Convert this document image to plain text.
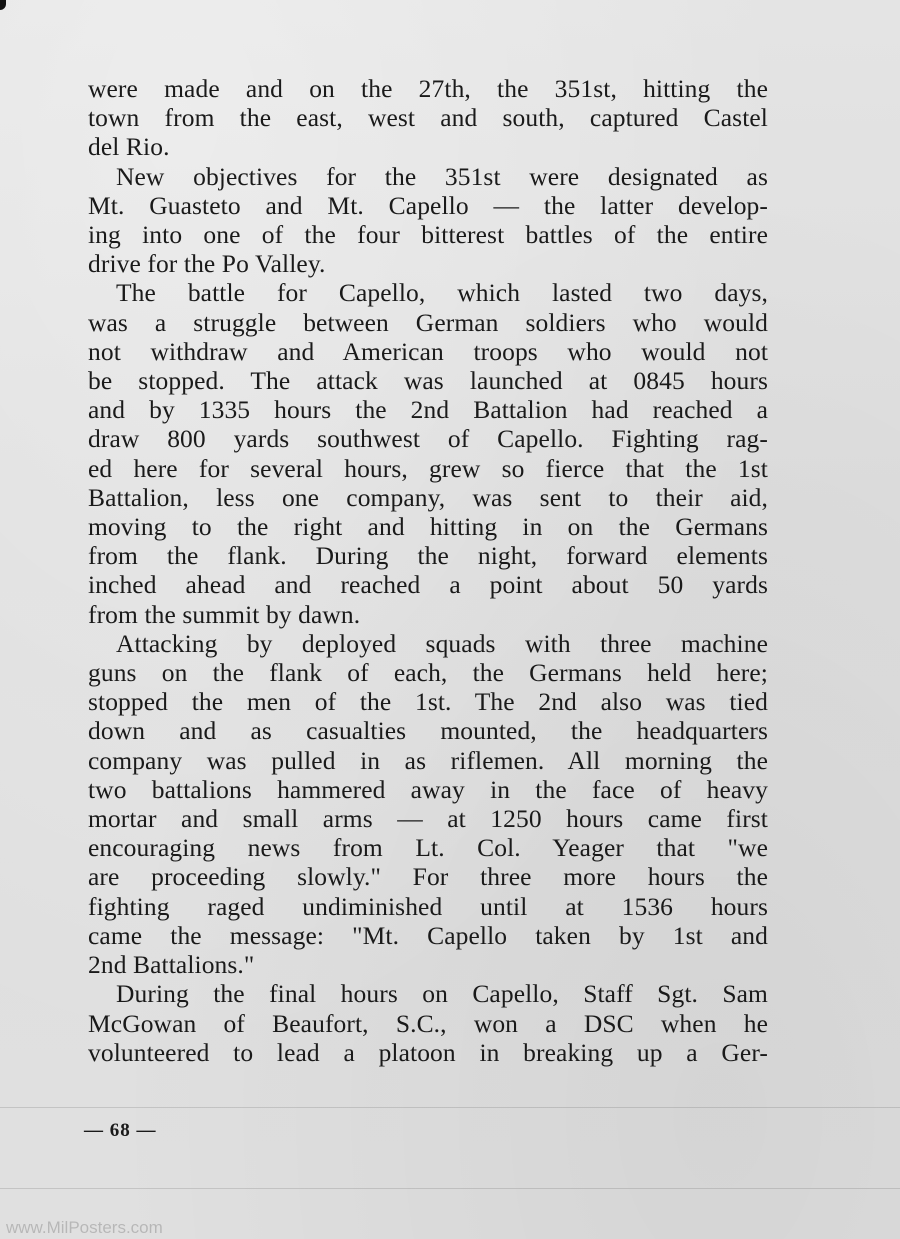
were made and on the 27th, the 351st, hitting the
town from the east, west and south, captured Castel
del Rio.
New objectives for the 351st were designated as
Mt. Guasteto and Mt. Capello — the latter develop-
ing into one of the four bitterest battles of the entire
drive for the Po Valley.
The battle for Capello, which lasted two days,
was a struggle between German soldiers who would
not withdraw and American troops who would not
be stopped. The attack was launched at 0845 hours
and by 1335 hours the 2nd Battalion had reached a
draw 800 yards southwest of Capello. Fighting rag-
ed here for several hours, grew so fierce that the 1st
Battalion, less one company, was sent to their aid,
moving to the right and hitting in on the Germans
from the flank. During the night, forward elements
inched ahead and reached a point about 50 yards
from the summit by dawn.
Attacking by deployed squads with three machine
guns on the flank of each, the Germans held here;
stopped the men of the 1st. The 2nd also was tied
down and as casualties mounted, the headquarters
company was pulled in as riflemen. All morning the
two battalions hammered away in the face of heavy
mortar and small arms — at 1250 hours came first
encouraging news from Lt. Col. Yeager that "we
are proceeding slowly." For three more hours the
fighting raged undiminished until at 1536 hours
came the message: "Mt. Capello taken by 1st and
2nd Battalions."
During the final hours on Capello, Staff Sgt. Sam
McGowan of Beaufort, S.C., won a DSC when he
volunteered to lead a platoon in breaking up a Ger-
— 68 —
www.MilPosters.com
